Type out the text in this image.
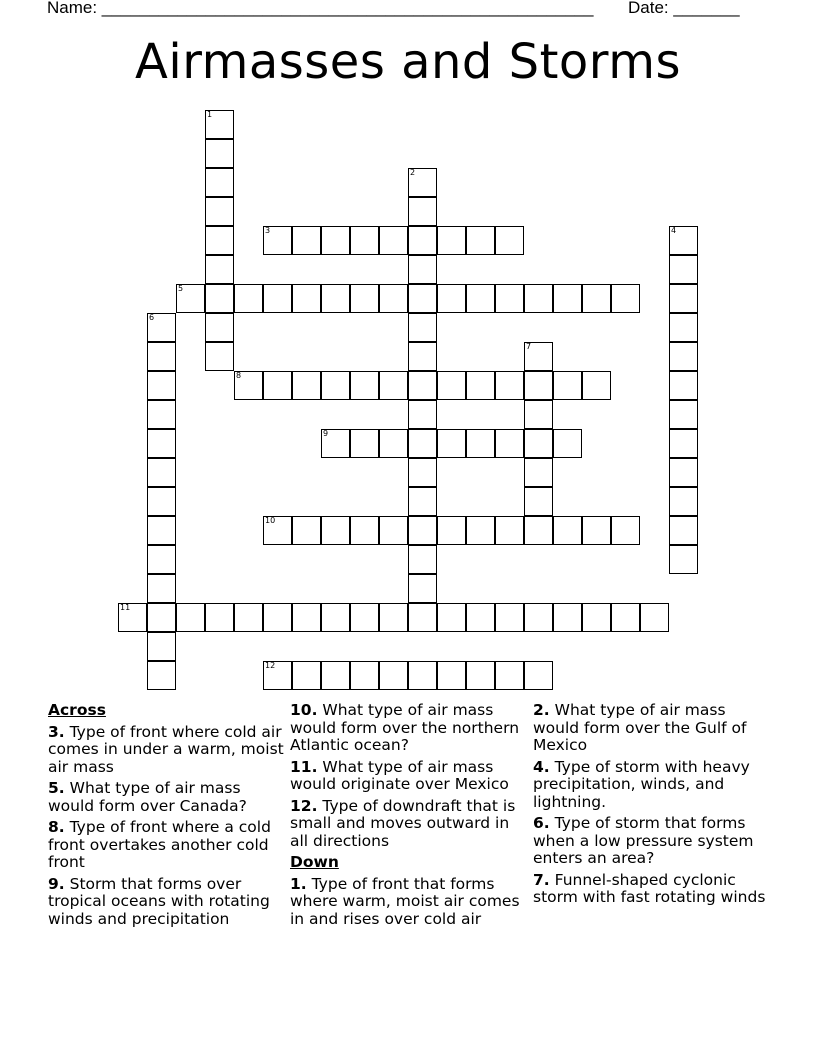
Name: ____________________________________________________ Date: _______
Airmasses and Storms
1
2
3	4
5
6
7
8
9
10
11
12
Across
3. Type of front where cold air comes in under a warm, moist air mass
5. What type of air mass would form over Canada?
8. Type of front where a cold front overtakes another cold front
9. Storm that forms over tropical oceans with rotating winds and precipitation
10. What type of air mass would form over the northern Atlantic ocean?
11. What type of air mass would originate over Mexico
12. Type of downdraft that is small and moves outward in all directions
Down
1. Type of front that forms where warm, moist air comes in and rises over cold air
2. What type of air mass would form over the Gulf of Mexico
4. Type of storm with heavy precipitation, winds, and lightning.
6. Type of storm that forms when a low pressure system enters an area?
7. Funnel-shaped cyclonic storm with fast rotating winds
